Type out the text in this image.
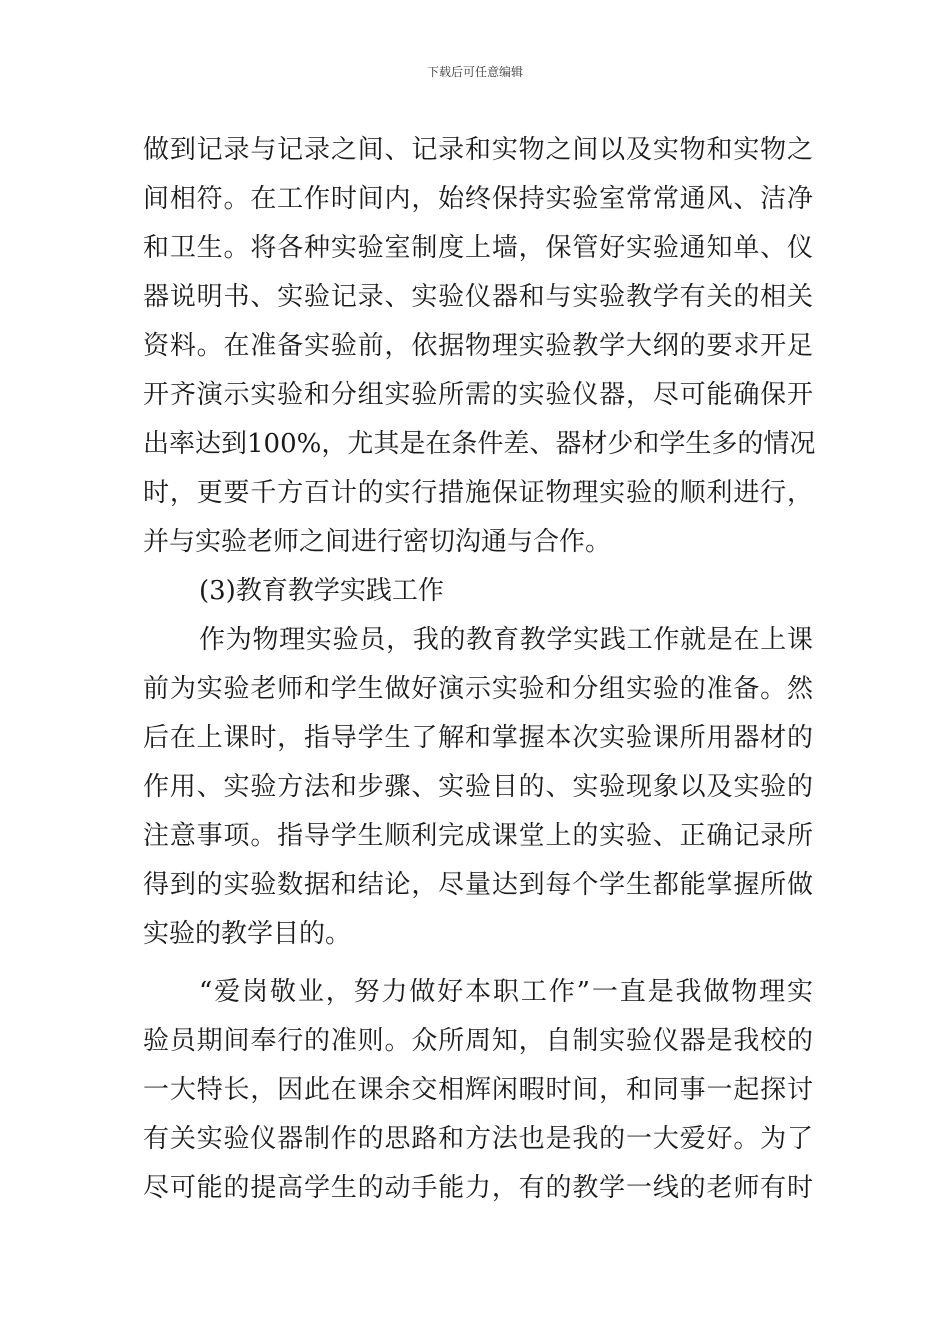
下载后可任意编辑
做到记录与记录之间、记录和实物之间以及实物和实物之
间相符。在工作时间内，始终保持实验室常常通风、洁净
和卫生。将各种实验室制度上墙，保管好实验通知单、仪
器说明书、实验记录、实验仪器和与实验教学有关的相关
资料。在准备实验前，依据物理实验教学大纲的要求开足
开齐演示实验和分组实验所需的实验仪器，尽可能确保开
出率达到100%，尤其是在条件差、器材少和学生多的情况
时，更要千方百计的实行措施保证物理实验的顺利进行，
并与实验老师之间进行密切沟通与合作。
(3)教育教学实践工作
作为物理实验员，我的教育教学实践工作就是在上课
前为实验老师和学生做好演示实验和分组实验的准备。然
后在上课时，指导学生了解和掌握本次实验课所用器材的
作用、实验方法和步骤、实验目的、实验现象以及实验的
注意事项。指导学生顺利完成课堂上的实验、正确记录所
得到的实验数据和结论，尽量达到每个学生都能掌握所做
实验的教学目的。
“爱岗敬业，努力做好本职工作”一直是我做物理实
验员期间奉行的准则。众所周知，自制实验仪器是我校的
一大特长，因此在课余交相辉闲暇时间，和同事一起探讨
有关实验仪器制作的思路和方法也是我的一大爱好。为了
尽可能的提高学生的动手能力，有的教学一线的老师有时
